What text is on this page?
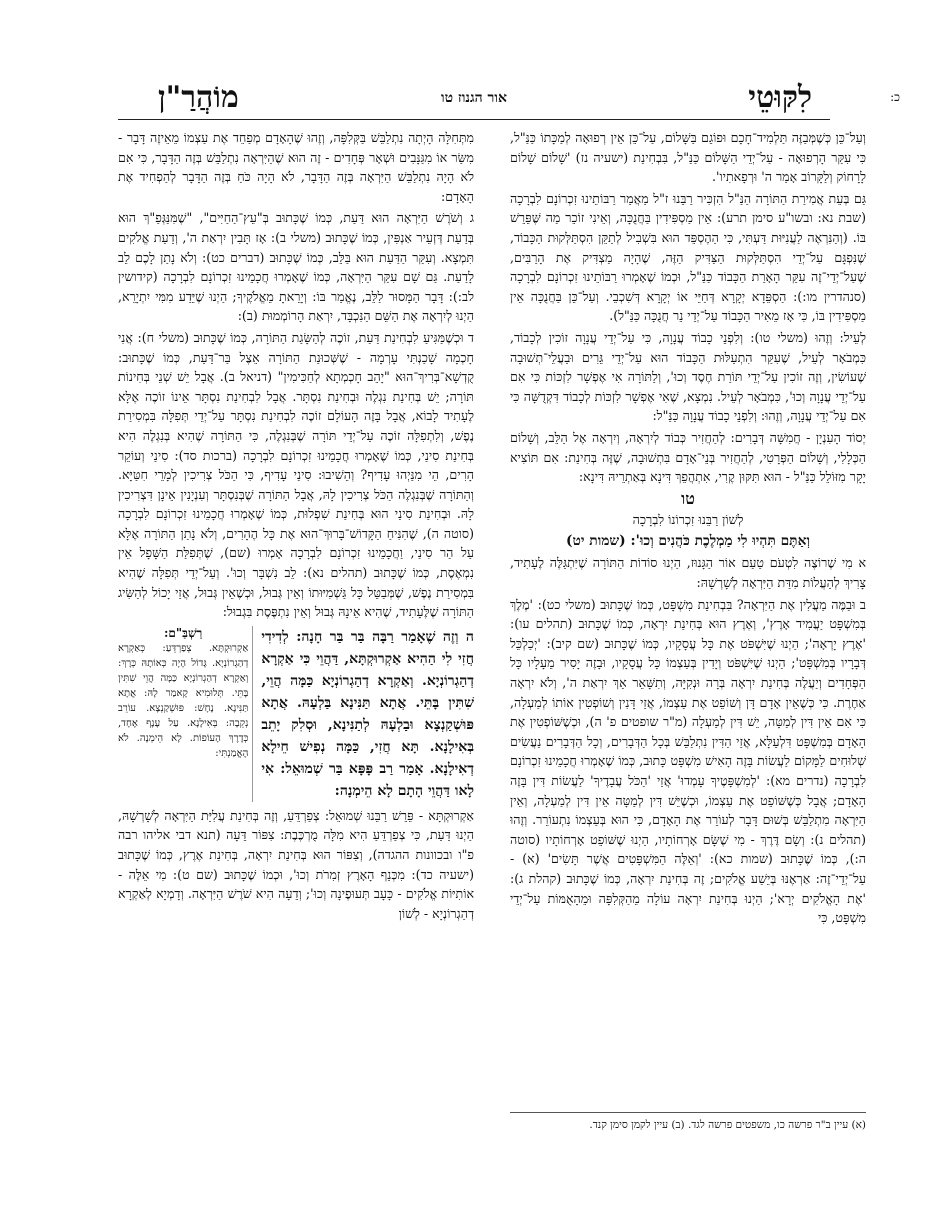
כ:
לִקּוּטֵי
אור הגנוז טו
מוֹהֲרַ"ן

וְעַל־כֵּן כְּשֶׁמְּבַזֶּה תַּלְמִיד־חָכָם וּפוֹגֵם בַּשָּׁלוֹם, עַל־כֵּן אֵין רְפוּאָה לְמַכָּתוֹ כַּנַּ"ל, כִּי עִקַּר הָרְפוּאָה - עַל־יְדֵי הַשָּׁלוֹם כַּנַּ"ל, בִּבְחִינַת (ישעיה נז) 'שָׁלוֹם שָׁלוֹם לָרָחוֹק וְלַקָּרוֹב אָמַר ה' וּרְפָאתִיו'.

גַּם בְּעֵת אֲמִירַת הַתּוֹרָה הַנַּ"ל הִזְכִּיר רַבֵּנוּ ז"ל מַאֲמַר רַבּוֹתֵינוּ זִכְרוֹנָם לִבְרָכָה (שבת נא: ובשו"ע סימן תרע): אֵין מַסְפִּידִין בַּחֲנֻכָּה, וְאֵינִי זוֹכֵר מַה שֶּׁפֵּרֵשׁ בּוֹ. (וְהַנִּרְאֶה לַעֲנִיּוּת דַּעְתִּי, כִּי הַהֶסְפֵּד הוּא בִּשְׁבִיל לְתַקֵּן הִסְתַּלְּקוּת הַכָּבוֹד, שֶׁנִּפְגָּם עַל־יְדֵי הִסְתַּלְּקוּת הַצַּדִּיק הַזֶּה, שֶׁהָיָה מַצְדִּיק אֶת הָרַבִּים, שֶׁעַל־יְדֵי־זֶה עִקַּר הָאָרַת הַכָּבוֹד כַּנַּ"ל, וּכְמוֹ שֶׁאָמְרוּ רַבּוֹתֵינוּ זִכְרוֹנָם לִבְרָכָה (סנהדרין מו:): הַסְפֵּדָא יְקָרָא דְּחַיֵּי אוֹ יְקָרָא דְּשִׁכְבֵי. וְעַל־כֵּן בַּחֲנֻכָּה אֵין מַסְפִּידִין בּוֹ, כִּי אָז מֵאִיר הַכָּבוֹד עַל־יְדֵי נֵר חֲנֻכָּה כַּנַּ"ל).

לְעֵיל: וְזֶהוּ (משלי טו): וְלִפְנֵי כָבוֹד עֲנָוָה, כִּי עַל־יְדֵי עֲנָוָה זוֹכִין לְכָבוֹד, כִּמְבֹאָר לְעֵיל, שֶׁעִקַּר הִתְעַלּוּת הַכָּבוֹד הוּא עַל־יְדֵי גֵּרִים וּבַעֲלֵי־תְשׁוּבָה שֶׁעוֹשִׂין, וְזֶה זוֹכִין עַל־יְדֵי תּוֹרַת חֶסֶד וְכוּ', וְלַתּוֹרָה אִי אֶפְשָׁר לִזְכּוֹת כִּי אִם עַל־יְדֵי עֲנָוָה וְכוּ', כִּמְבֹאָר לְעֵיל. נִמְצָא, שֶׁאִי אֶפְשָׁר לִזְכּוֹת לְכָבוֹד דִּקְדֻשָּׁה כִּי אִם עַל־יְדֵי עֲנָוָה, וְזֶהוּ: וְלִפְנֵי כָבוֹד עֲנָוָה כַּנַּ"ל:

יְסוֹד הָעִנְיָן - חֲמִשָּׁה דְּבָרִים: לְהַחֲזִיר כְּבוֹד לְיִרְאָה, וְיִרְאָה אֶל הַלֵּב, וְשָׁלוֹם הַכְּלָלִי, וְשָׁלוֹם הַפְּרָטִי, לְהַחֲזִיר בְּנֵי־אָדָם בִּתְשׁוּבָה, שֶׁזֶּה בְּחִינַת: אִם תּוֹצִיא יָקָר מִזּוֹלֵל כַּנַּ"ל - הוּא תִּקּוּן קֶרִי, אִתְהֲפֵךְ דִּינָא בְּאַתְרֵיהּ דִּינָא:

טו

לְשׁוֹן רַבֵּנוּ זִכְרוֹנוֹ לִבְרָכָה

וְאַתֶּם תִּהְיוּ לִי מַמְלֶכֶת כֹּהֲנִים וְכוּ': (שמות יט)

א מִי שֶׁרוֹצֶה לִטְעֹם טַעַם אוֹר הַגָּנוּז, הַיְנוּ סוֹדוֹת הַתּוֹרָה שֶׁיִּתְגַּלֶּה לֶעָתִיד, צָרִיךְ לְהַעֲלוֹת מִדַּת הַיִּרְאָה לְשָׁרְשָׁהּ:

ב וּבַמֶּה מַעֲלִין אֶת הַיִּרְאָה? בִּבְחִינַת מִשְׁפָּט, כְּמוֹ שֶׁכָּתוּב (משלי כט): 'מֶלֶךְ בְּמִשְׁפָּט יַעֲמִיד אָרֶץ', וְאֶרֶץ הוּא בְּחִינַת יִרְאָה, כְּמוֹ שֶׁכָּתוּב (תהלים עו): 'אֶרֶץ יָרְאָה'; הַיְנוּ שֶׁיִּשְׁפֹּט אֶת כָּל עֲסָקָיו, כְּמוֹ שֶׁכָּתוּב (שם קיב): 'יְכַלְכֵּל דְּבָרָיו בְּמִשְׁפָּט'; הַיְנוּ שֶׁיִּשְׁפֹּט וְיָדִין בְּעַצְמוֹ כָּל עֲסָקָיו, וּבָזֶה יָסִיר מֵעָלָיו כָּל הַפְּחָדִים וְיַעֲלֶה בְּחִינַת יִרְאָה בְּרָה וּנְקִיָּה, וְתִשָּׁאֵר אַךְ יִרְאַת ה', וְלֹא יִרְאָה אַחֶרֶת. כִּי כְּשֶׁאֵין אָדָם דָּן וְשׁוֹפֵט אֶת עַצְמוֹ, אֲזַי דָּנִין וְשׁוֹפְטִין אוֹתוֹ לְמַעְלָה, כִּי אִם אֵין דִּין לְמַטָּה, יֵשׁ דִּין לְמַעְלָה (מ"ר שופטים פ' ה), וּכְשֶׁשּׁוֹפְטִין אֶת הָאָדָם בְּמִשְׁפָּט דִּלְעֵלָּא, אֲזַי הַדִּין נִתְלַבֵּשׁ בְּכָל הַדְּבָרִים, וְכָל הַדְּבָרִים נַעֲשִׂים שְׁלוּחִים לַמָּקוֹם לַעֲשׂוֹת בָּזֶה הָאִישׁ מִשְׁפָּט כָּתוּב, כְּמוֹ שֶׁאָמְרוּ חֲכָמֵינוּ זִכְרוֹנָם לִבְרָכָה (נדרים מא): 'לְמִשְׁפָּטֶיךָ עָמְדוּ' אֲזַי 'הַכֹּל עֲבָדֶיךָ' לַעֲשׂוֹת דִּין בָּזֶה הָאָדָם; אֲבָל כְּשֶׁשּׁוֹפֵט אֶת עַצְמוֹ, וּכְשֶׁיֵּשׁ דִּין לְמַטָּה אֵין דִּין לְמַעְלָה, וְאֵין הַיִּרְאָה מִתְלַבֵּשׁ בְּשׁוּם דָּבָר לְעוֹרֵר אֶת הָאָדָם, כִּי הוּא בְּעַצְמוֹ נִתְעוֹרֵר. וְזֶהוּ (תהלים נ): וְשָׂם דֶּרֶךְ - מִי שֶׁשָּׂם אָרְחוֹתָיו, הַיְנוּ שֶׁשּׁוֹפֵט אָרְחוֹתָיו (סוטה ה:), כְּמוֹ שֶׁכָּתוּב (שמות כא): 'וְאֵלֶּה הַמִּשְׁפָּטִים אֲשֶׁר תָּשִׂים' (א) - עַל־יְדֵי־זֶה: אַרְאֶנּוּ בְּיֵשַׁע אֱלֹקִים; זֶה בְּחִינַת יִרְאָה, כְּמוֹ שֶׁכָּתוּב (קהלת ג): 'אֶת הָאֱלֹקִים יְרָא'; הַיְנוּ בְּחִינַת יִרְאָה עוֹלָה מֵהַקְּלִפָּה וּמֵהָאֻמּוֹת עַל־יְדֵי מִשְׁפָּט, כִּי

מִתְּחִלָּה הָיְתָה נִתְלַבֵּשׁ בַּקְּלִפָּה, וְזֶהוּ שֶׁהָאָדָם מְפַחֵד אֶת עַצְמוֹ מֵאֵיזֶה דָּבָר - מִשַּׂר אוֹ מִגַּנָּבִים וּשְׁאָר פְּחָדִים - זֶה הוּא שֶׁהַיִּרְאָה נִתְלַבֵּשׁ בְּזֶה הַדָּבָר, כִּי אִם לֹא הָיָה נִתְלַבֵּשׁ הַיִּרְאָה בְּזֶה הַדָּבָר, לֹא הָיָה כֹּחַ בְּזֶה הַדָּבָר לְהַפְחִיד אֶת הָאָדָם:

ג וְשֹׁרֶשׁ הַיִּרְאָה הוּא דַּעַת, כְּמוֹ שֶׁכָּתוּב בְּ"עֵץ־הַחַיִּים", "שֶׁמִּנַּגְּפַ"ךְ הוּא בְּדַעַת דְּזְעֵיר אַנְפִּין, כְּמוֹ שֶׁכָּתוּב (משלי ב): אָז תָּבִין יִרְאַת ה', וְדַעַת אֱלֹקִים תִּמְצָא. וְעִקַּר הַדַּעַת הוּא בַּלֵּב, כְּמוֹ שֶׁכָּתוּב (דברים כט): וְלֹא נָתַן לָכֶם לֵב לָדַעַת. גַּם שָׁם עִקַּר הַיִּרְאָה, כְּמוֹ שֶׁאָמְרוּ חֲכָמֵינוּ זִכְרוֹנָם לִבְרָכָה (קידושין לב:): דָּבָר הַמָּסוּר לַלֵּב, נֶאֱמַר בּוֹ: וְיָרֵאתָ מֵאֱלֹקֶיךָ; הַיְנוּ שֶׁיֵּדַע מִמִּי יִתְיָרֵא, הַיְנוּ לְיִרְאָה אֶת הַשֵּׁם הַנִּכְבָּד, יִרְאַת הָרוֹמְמוּת (ב):

ד וּכְשֶׁמַּגִּיעַ לִבְחִינַת דַּעַת, זוֹכֶה לְהַשָּׂגַת הַתּוֹרָה, כְּמוֹ שֶׁכָּתוּב (משלי ח): אֲנִי חָכְמָה שָׁכַנְתִּי עָרְמָה - שֶׁשְּׁכוּנַת הַתּוֹרָה אֵצֶל בַּר־דַּעַת, כְּמוֹ שֶׁכָּתוּב: קֻדְשָׁא־בְּרִיךְ־הוּא "יָהֵב חָכְמְתָא לְחַכִּימִין" (דניאל ב). אֲבָל יֵשׁ שְׁנֵי בְּחִינוֹת תּוֹרָה; יֵשׁ בְּחִינַת נִגְלֶה וּבְחִינַת נִסְתָּר. אֲבָל לִבְחִינַת נִסְתָּר אֵינוֹ זוֹכֶה אֶלָּא לֶעָתִיד לָבוֹא, אֲבָל בָּזֶה הָעוֹלָם זוֹכֶה לִבְחִינַת נִסְתָּר עַל־יְדֵי תְּפִלָּה בִּמְסִירַת נֶפֶשׁ, וְלִתְפִלָּה זוֹכֶה עַל־יְדֵי תּוֹרָה שֶׁבְּנִגְלֶה, כִּי הַתּוֹרָה שֶׁהִיא בְּנִגְלֶה הִיא בְּחִינַת סִינַי, כְּמוֹ שֶׁאָמְרוּ חֲכָמֵינוּ זִכְרוֹנָם לִבְרָכָה (ברכות סד): סִינַי וְעוֹקֵר הָרִים, הֵי מִנַּיְהוּ עָדִיף? וְהֵשִׁיבוּ: סִינַי עָדִיף, כִּי הַכֹּל צְרִיכִין לְמָרֵי חִטַּיָּא. וְהַתּוֹרָה שֶׁבְּנִגְלֶה הַכֹּל צְרִיכִין לָהּ, אֲבָל הַתּוֹרָה שֶׁבְּנִסְתָּר וְעִנְיָנִין אֵינָן דִּצְרִיכִין לָהּ. וּבְחִינַת סִינַי הוּא בְּחִינַת שִׁפְלוּת, כְּמוֹ שֶׁאָמְרוּ חֲכָמֵינוּ זִכְרוֹנָם לִבְרָכָה (סוטה ה), שֶׁהִנִּיחַ הַקָּדוֹשׁ־בָּרוּךְ־הוּא אֶת כָּל הֶהָרִים, וְלֹא נָתַן הַתּוֹרָה אֶלָּא עַל הַר סִינַי, וַחֲכָמֵינוּ זִכְרוֹנָם לִבְרָכָה אָמְרוּ (שם), שֶׁתְּפִלַּת הַשָּׁפָל אֵין נִמְאֶסֶת, כְּמוֹ שֶׁכָּתוּב (תהלים נא): לֵב נִשְׁבָּר וְכוּ'. וְעַל־יְדֵי תְּפִלָּה שֶׁהִיא בִּמְסִירַת נֶפֶשׁ, שֶׁמְּבַטֵּל כָּל גַּשְׁמִיּוּתוֹ וְאֵין גְּבוּל, וּכְשֶׁאֵין גְּבוּל, אֲזַי יָכוֹל לְהַשִּׂיג הַתּוֹרָה שֶׁלֶּעָתִיד, שֶׁהִיא אֵינָהּ גְּבוּל וְאֵין נִתְפֶּסֶת בִּגְבוּל:

ה וְזֶה שֶׁאָמַר רַבָּה בַּר בַּר חָנָה: לְדִידִי חֲזִי לִי הַהִיא אַקְרוּקְתָּא, דַּהֲוֵי כִּי אַקְרָא דְהַגְרוֹנְיָא. וְאַקְרָא דְהַגְרוֹנְיָא כַּמָּה הֲוֵי, שִׁתִּין בָּתֵּי. אֲתָא תַּנִּינָא בַּלְעָהּ. אֲתָא פּוּשְׁקַנְצָא וּבַלְעָהּ לְתַנִּינָא, וּסְלִק יָתֵב בְּאִילָנָא. תָּא חֲזִי, כַּמָּה נְפִישׁ חֵילָא דְאִילָנָא. אָמַר רַב פָּפָּא בַּר שְׁמוּאֵל: אִי לָאו דַּהֲוֵי הָתָם לָא הֵימְנָה:
רַשְׁבַּ"ם:
אַקְרוּקְתָּא. צְפַרְדֵּעַ: כְּאַקְרָא דְהַגְרוֹנְיָא. גָּדוֹל הָיָה כְּאוֹתָהּ כְּרָךְ: וְאַקְרָא דְהַגְרוֹנְיָא כַּמָּה הֲוֵי שִׁתִּין בָּתֵּי. תְּלוּמִיא קָאמַר לָהּ: אֲתָא תַּנִּינָא. נָחָשׁ: פּוּשְׁקַנְצָא. עוֹרֵב נְקֵבָה: בְּאִילָנָא. עַל עָנָף אֶחָד, כְּדֶרֶךְ הָעוֹפוֹת. לָא הֵימְנָה. לֹא הֶאֱמַנְתִּי:

אַקְרוּקְתָּא - פֵּרֵשׁ רַבֵּנוּ שְׁמוּאֵל: צְפַרְדֵּעַ, וְזֶה בְּחִינַת עֲלִיַּת הַיִּרְאָה לְשָׁרְשָׁהּ, הַיְנוּ דַּעַת, כִּי צְפַרְדֵּעַ הִיא מִלָּה מֻרְכֶּבֶת: צִפּוֹר דֵּעָה (תנא דבי אליהו רבה פ"ו ובכוונות ההגדה), וְצִפּוֹר הוּא בְּחִינַת יִרְאָה, בְּחִינַת אֶרֶץ, כְּמוֹ שֶׁכָּתוּב (ישעיה כד): מִכְּנַף הָאָרֶץ זְמִרֹת וְכוּ', וּכְמוֹ שֶׁכָּתוּב (שם ט): מִי אֵלֶּה - אוֹתִיּוֹת אֱלֹקִים - כָּעָב תְּעוּפֶינָה וְכוּ'; וְדֵעָה הִיא שֹׁרֶשׁ הַיִּרְאָה. וְדָמְיָא לְאַקְרָא דְהַגְרוֹנְיָא - לְשׁוֹן

(א) עיין ב"ר פרשה כו, משפטים פרשה לגד. (ב) עיין לקמן סימן קנד.
